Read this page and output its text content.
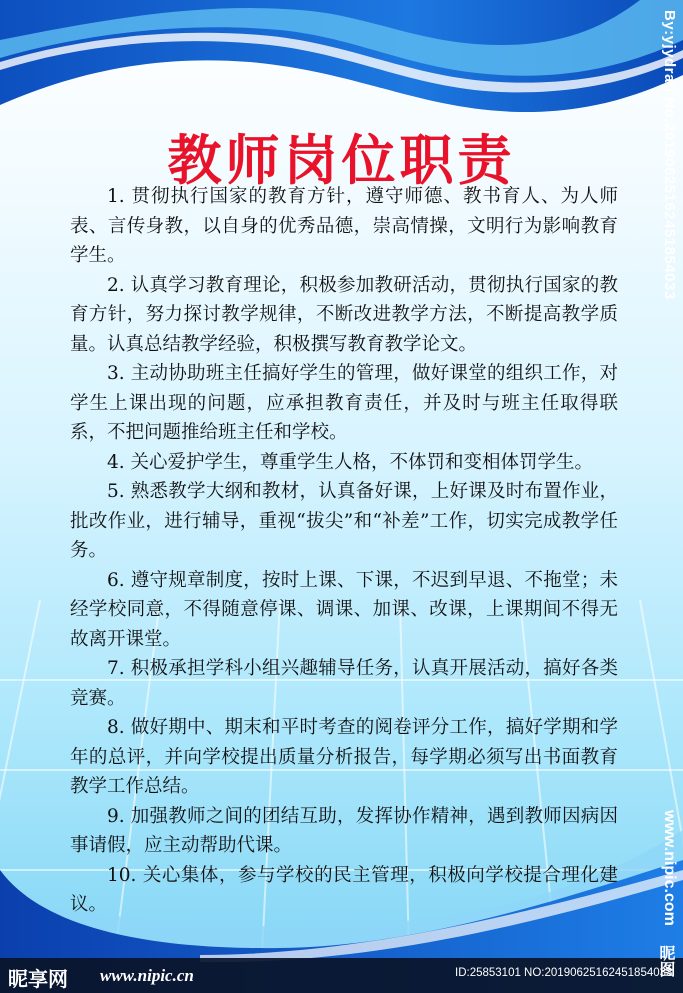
教师岗位职责

1. 贯彻执行国家的教育方针，遵守师德、教书育人、为人师表、言传身教，以自身的优秀品德，崇高情操，文明行为影响教育学生。

2. 认真学习教育理论，积极参加教研活动，贯彻执行国家的教育方针，努力探讨教学规律，不断改进教学方法，不断提高教学质量。认真总结教学经验，积极撰写教育教学论文。

3. 主动协助班主任搞好学生的管理，做好课堂的组织工作，对学生上课出现的问题，应承担教育责任，并及时与班主任取得联系，不把问题推给班主任和学校。

4. 关心爱护学生，尊重学生人格，不体罚和变相体罚学生。

5. 熟悉教学大纲和教材，认真备好课，上好课及时布置作业，批改作业，进行辅导，重视“拔尖”和“补差”工作，切实完成教学任务。

6. 遵守规章制度，按时上课、下课，不迟到早退、不拖堂；未经学校同意，不得随意停课、调课、加课、改课，上课期间不得无故离开课堂。

7. 积极承担学科小组兴趣辅导任务，认真开展活动，搞好各类竞赛。

8. 做好期中、期末和平时考查的阅卷评分工作，搞好学期和学年的总评，并向学校提出质量分析报告，每学期必须写出书面教育教学工作总结。

9. 加强教师之间的团结互助，发挥协作精神，遇到教师因病因事请假，应主动帮助代课。

10. 关心集体，参与学校的民主管理，积极向学校提合理化建议。

By:yjydran No.20190625162451854033
www.nipic.com
昵享网 www.nipic.cn	ID:25853101 NO:20190625162451854033
昵图
